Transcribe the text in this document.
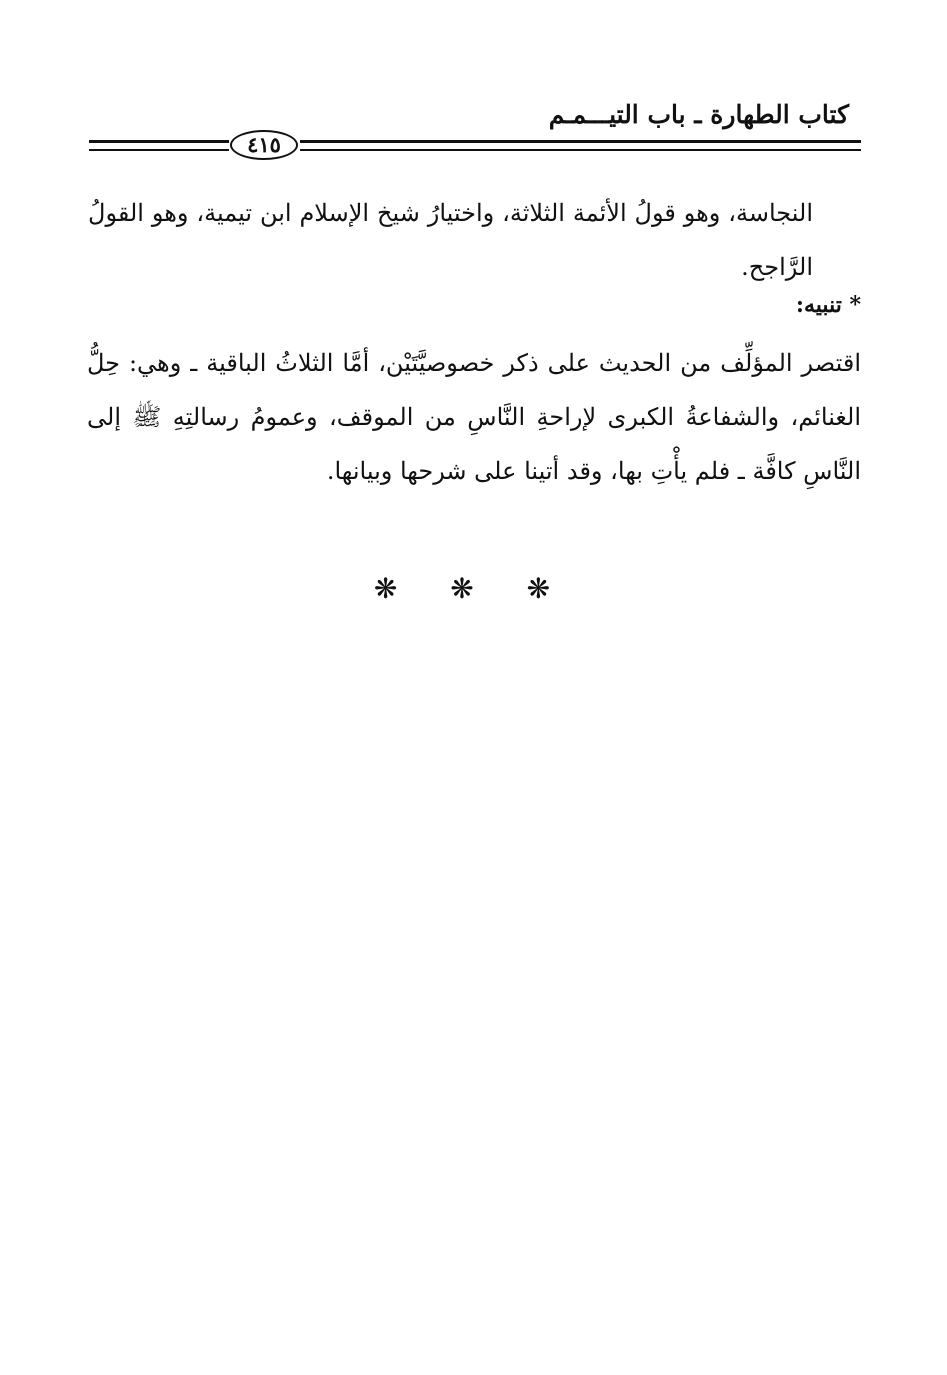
كتاب الطهارة ـ باب التيـــمـم
٤١٥
النجاسة، وهو قولُ الأئمة الثلاثة، واختيارُ شيخ الإسلام ابن تيمية، وهو القولُ الرَّاجح.
* تنبيه:
اقتصر المؤلِّف من الحديث على ذكر خصوصيَّتَيْن، أمَّا الثلاثُ الباقية ـ وهي: حِلُّ الغنائم، والشفاعةُ الكبرى لإراحةِ النَّاسِ من الموقف، وعمومُ رسالتِهِ ﷺ إلى النَّاسِ كافَّة ـ فلم يأْتِ بها، وقد أتينا على شرحها وبيانها.
❋ ❋ ❋
